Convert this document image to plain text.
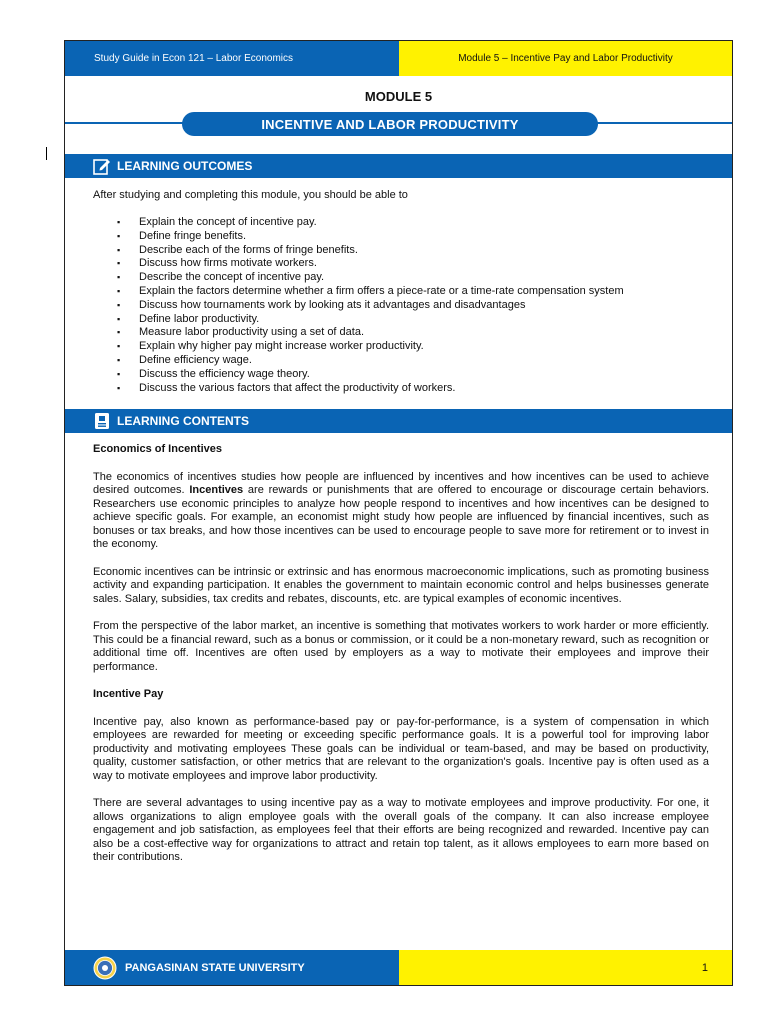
Study Guide in Econ 121 – Labor Economics	Module 5 – Incentive Pay and Labor Productivity
MODULE 5
INCENTIVE AND LABOR PRODUCTIVITY
LEARNING OUTCOMES
After studying and completing this module, you should be able to
▪ Explain the concept of incentive pay.
▪ Define fringe benefits.
▪ Describe each of the forms of fringe benefits.
▪ Discuss how firms motivate workers.
▪ Describe the concept of incentive pay.
▪ Explain the factors determine whether a firm offers a piece-rate or a time-rate compensation system
▪ Discuss how tournaments work by looking ats it advantages and disadvantages
▪ Define labor productivity.
▪ Measure labor productivity using a set of data.
▪ Explain why higher pay might increase worker productivity.
▪ Define efficiency wage.
▪ Discuss the efficiency wage theory.
▪ Discuss the various factors that affect the productivity of workers.
LEARNING CONTENTS

Economics of Incentives

The economics of incentives studies how people are influenced by incentives and how incentives can be used to achieve desired outcomes. Incentives are rewards or punishments that are offered to encourage or discourage certain behaviors. Researchers use economic principles to analyze how people respond to incentives and how incentives can be designed to achieve specific goals. For example, an economist might study how people are influenced by financial incentives, such as bonuses or tax breaks, and how those incentives can be used to encourage people to save more for retirement or to invest in the economy.

Economic incentives can be intrinsic or extrinsic and has enormous macroeconomic implications, such as promoting business activity and expanding participation. It enables the government to maintain economic control and helps businesses generate sales. Salary, subsidies, tax credits and rebates, discounts, etc. are typical examples of economic incentives.

From the perspective of the labor market, an incentive is something that motivates workers to work harder or more efficiently. This could be a financial reward, such as a bonus or commission, or it could be a non-monetary reward, such as recognition or additional time off. Incentives are often used by employers as a way to motivate their employees and improve their performance.

Incentive Pay

Incentive pay, also known as performance-based pay or pay-for-performance, is a system of compensation in which employees are rewarded for meeting or exceeding specific performance goals. It is a powerful tool for improving labor productivity and motivating employees These goals can be individual or team-based, and may be based on productivity, quality, customer satisfaction, or other metrics that are relevant to the organization's goals. Incentive pay is often used as a way to motivate employees and improve labor productivity.

There are several advantages to using incentive pay as a way to motivate employees and improve productivity. For one, it allows organizations to align employee goals with the overall goals of the company. It can also increase employee engagement and job satisfaction, as employees feel that their efforts are being recognized and rewarded. Incentive pay can also be a cost-effective way for organizations to attract and retain top talent, as it allows employees to earn more based on their contributions.

PANGASINAN STATE UNIVERSITY	1
